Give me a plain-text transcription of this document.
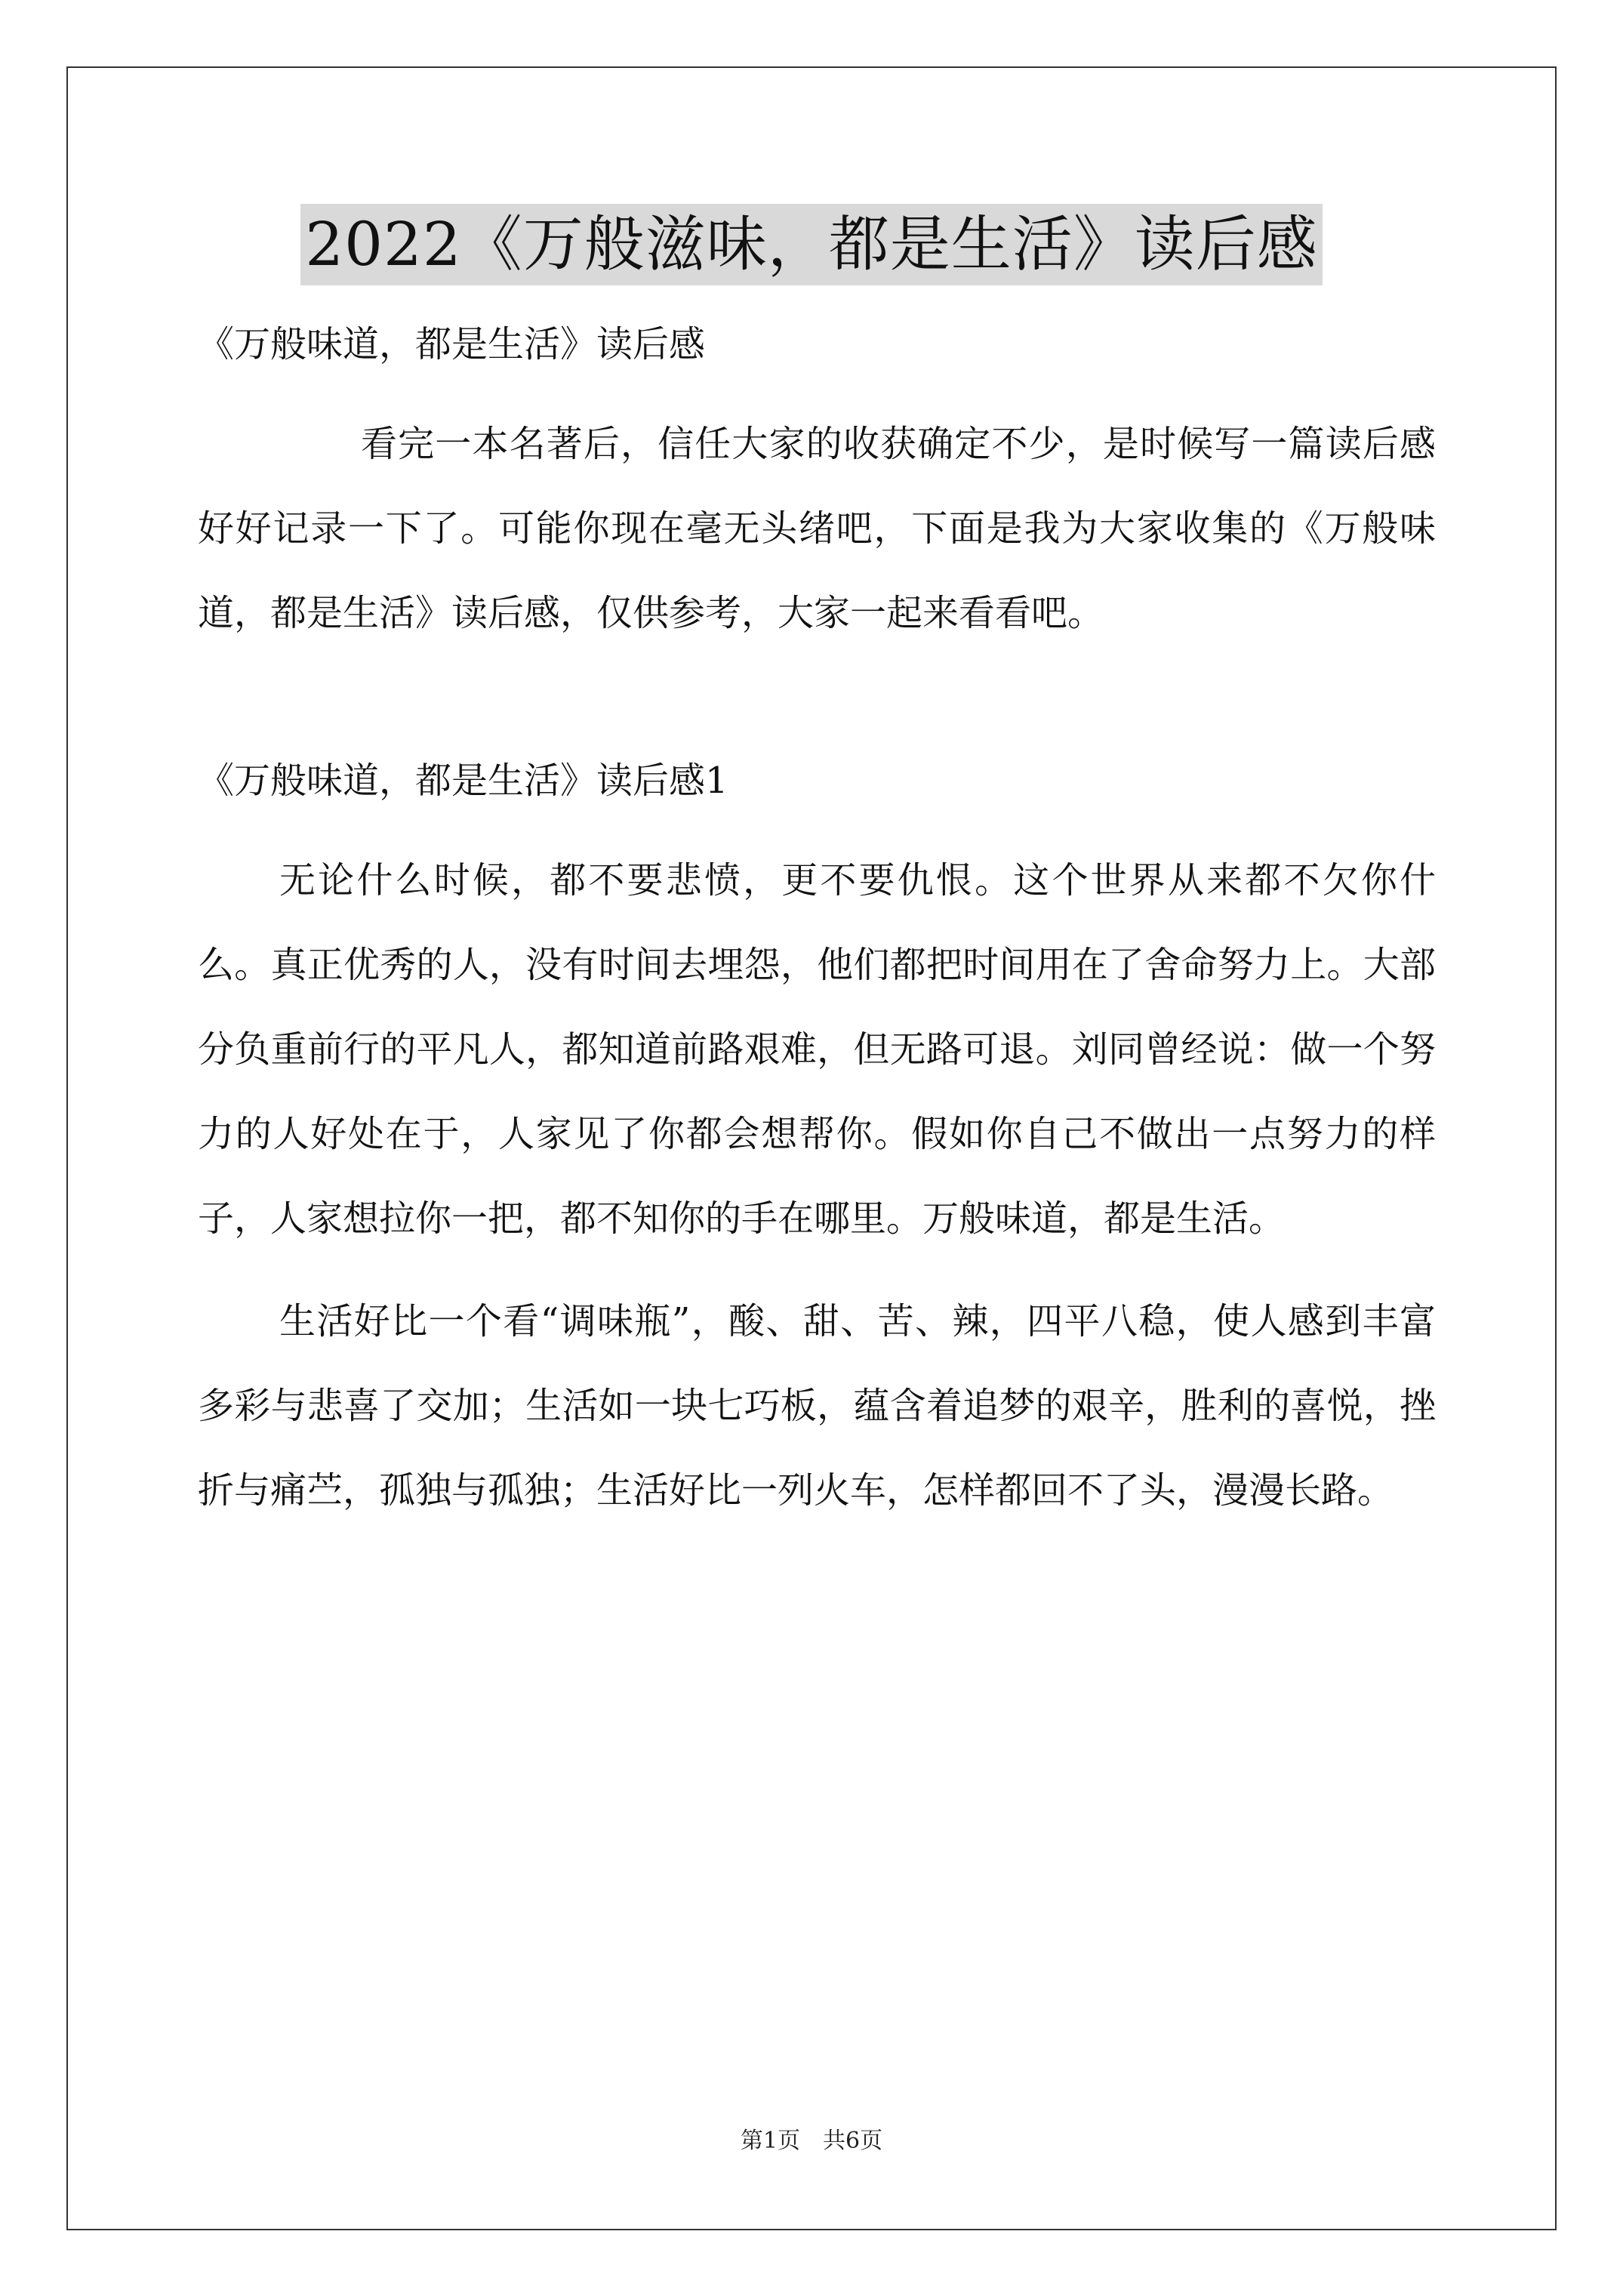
2022《万般滋味，都是生活》读后感

《万般味道，都是生活》读后感

看完一本名著后，信任大家的收获确定不少，是时候写一篇读后感好好记录一下了。可能你现在毫无头绪吧，下面是我为大家收集的《万般味道，都是生活》读后感，仅供参考，大家一起来看看吧。

《万般味道，都是生活》读后感1

无论什么时候，都不要悲愤，更不要仇恨。这个世界从来都不欠你什么。真正优秀的人，没有时间去埋怨，他们都把时间用在了舍命努力上。大部分负重前行的平凡人，都知道前路艰难，但无路可退。刘同曾经说：做一个努力的人好处在于，人家见了你都会想帮你。假如你自己不做出一点努力的样子，人家想拉你一把，都不知你的手在哪里。万般味道，都是生活。

生活好比一个看“调味瓶”，酸、甜、苦、辣，四平八稳，使人感到丰富多彩与悲喜了交加；生活如一块七巧板，蕴含着追梦的艰辛，胜利的喜悦，挫折与痛苎，孤独与孤独；生活好比一列火车，怎样都回不了头，漫漫长路。

第1页　共6页
